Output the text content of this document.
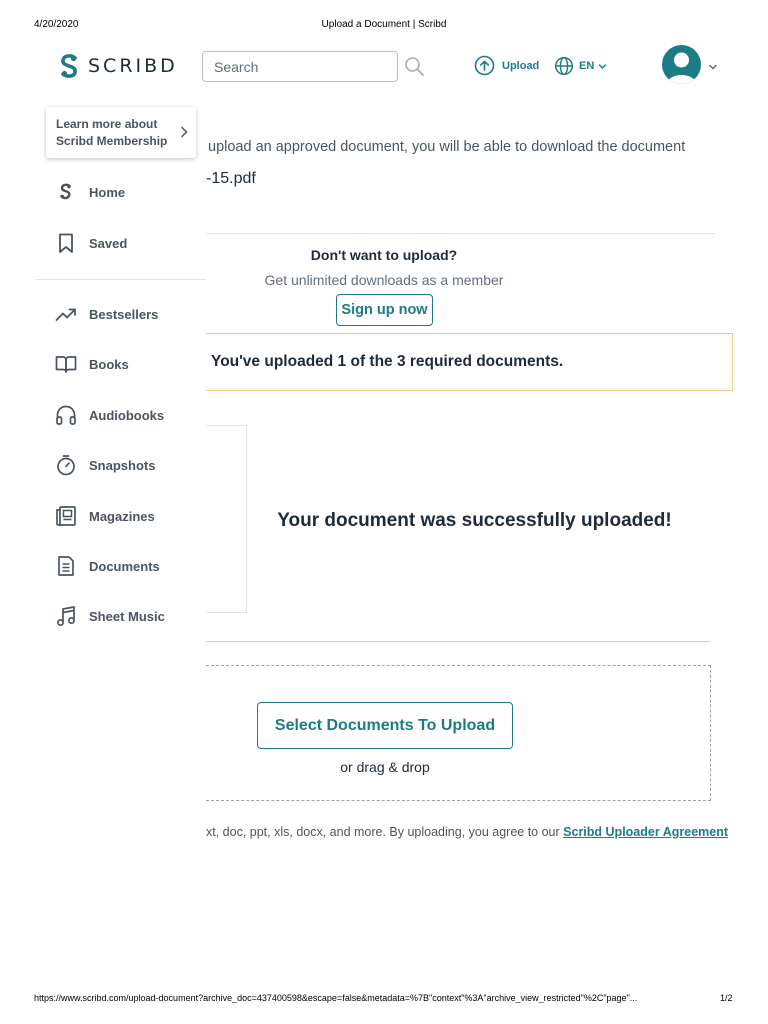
4/20/2020	Upload a Document | Scribd
SCRIBD
Search	Upload	EN
upload an approved document, you will be able to download the document
-15.pdf
Don't want to upload?
Get unlimited downloads as a member
Sign up now
You've uploaded 1 of the 3 required documents.
Your document was successfully uploaded!
Select Documents To Upload
or drag & drop
xt, doc, ppt, xls, docx, and more. By uploading, you agree to our Scribd Uploader Agreement
Learn more about Scribd Membership
Home
Saved
Bestsellers
Books
Audiobooks
Snapshots
Magazines
Documents
Sheet Music
https://www.scribd.com/upload-document?archive_doc=437400598&escape=false&metadata=%7B"context"%3A"archive_view_restricted"%2C"page"...	1/2
